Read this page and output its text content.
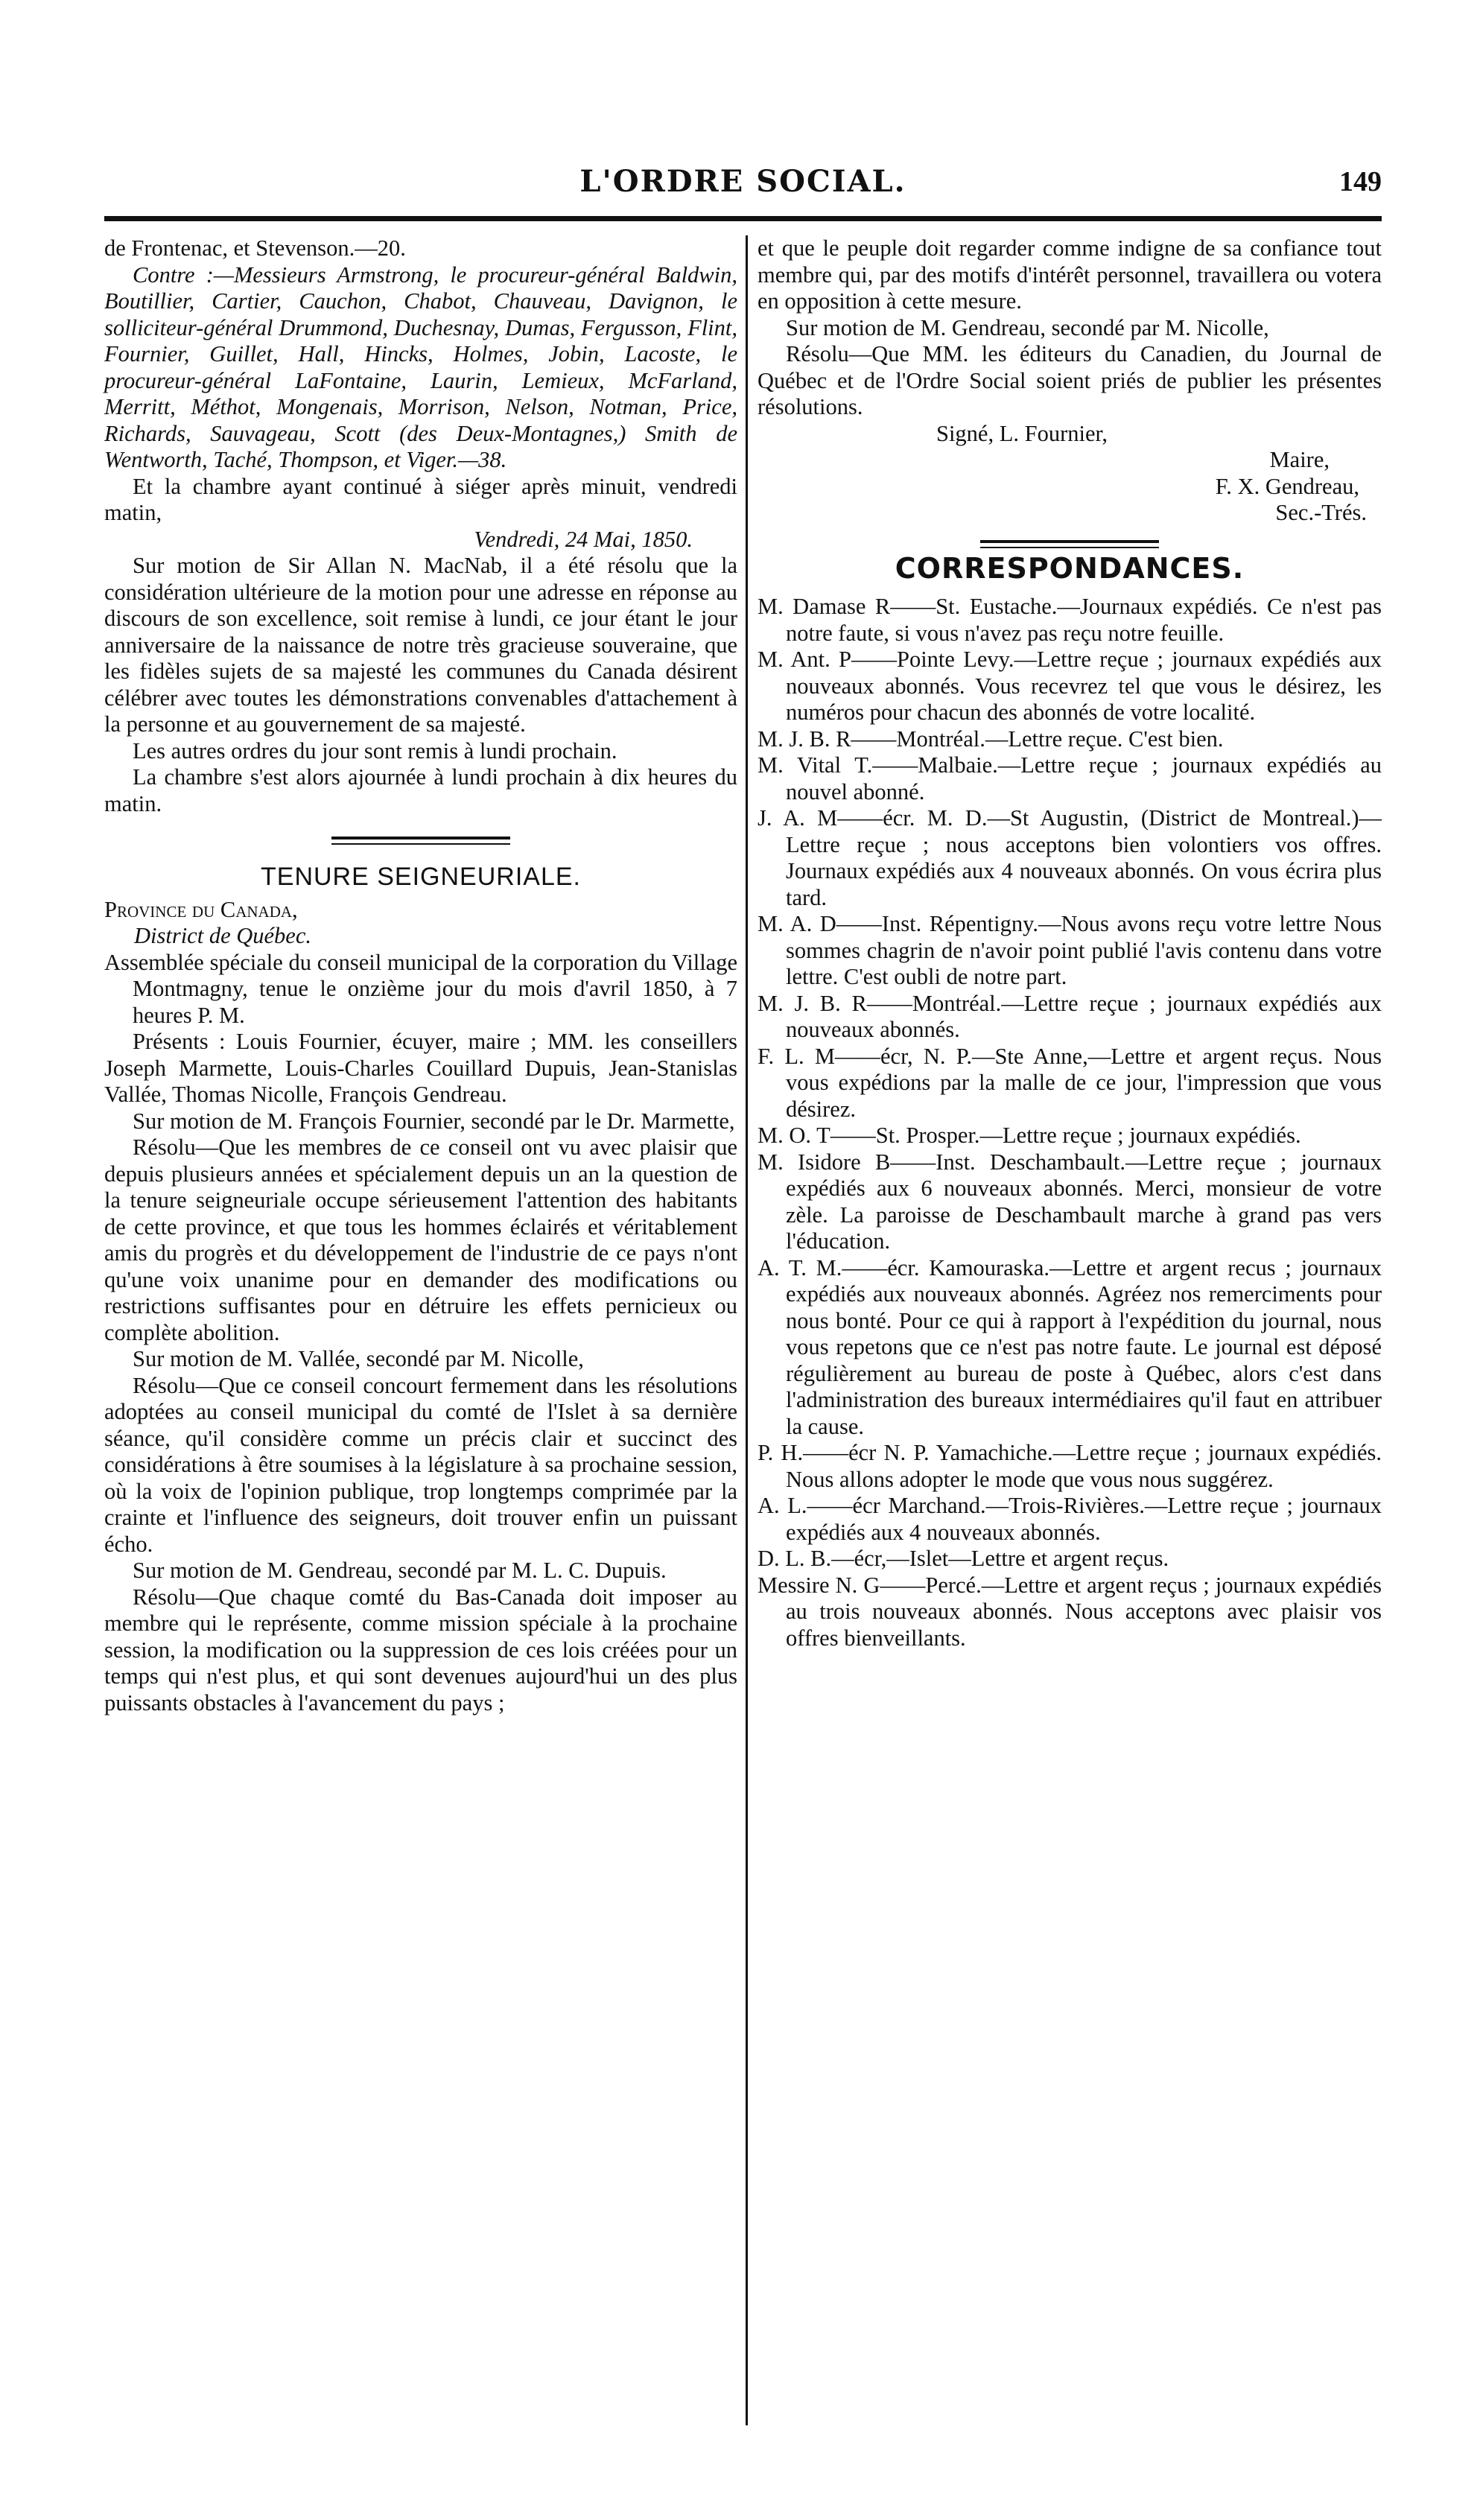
L'ORDRE SOCIAL.	149

de Frontenac, et Stevenson.—20.

Contre :—Messieurs Armstrong, le procureur-général Baldwin, Boutillier, Cartier, Cauchon, Chabot, Chauveau, Davignon, le solliciteur-général Drummond, Duchesnay, Dumas, Fergusson, Flint, Fournier, Guillet, Hall, Hincks, Holmes, Jobin, Lacoste, le procureur-général LaFontaine, Laurin, Lemieux, McFarland, Merritt, Méthot, Mongenais, Morrison, Nelson, Notman, Price, Richards, Sauvageau, Scott (des Deux-Montagnes,) Smith de Wentworth, Taché, Thompson, et Viger.—38.

Et la chambre ayant continué à siéger après minuit, vendredi matin,

Vendredi, 24 Mai, 1850.

Sur motion de Sir Allan N. MacNab, il a été résolu que la considération ultérieure de la motion pour une adresse en réponse au discours de son excellence, soit remise à lundi, ce jour étant le jour anniversaire de la naissance de notre très gracieuse souveraine, que les fidèles sujets de sa majesté les communes du Canada désirent célébrer avec toutes les démonstrations convenables d'attachement à la personne et au gouvernement de sa majesté.

Les autres ordres du jour sont remis à lundi prochain.

La chambre s'est alors ajournée à lundi prochain à dix heures du matin.

TENURE SEIGNEURIALE.

Province du Canada,

District de Québec.

Assemblée spéciale du conseil municipal de la corporation du Village Montmagny, tenue le onzième jour du mois d'avril 1850, à 7 heures P. M.

Présents : Louis Fournier, écuyer, maire ; MM. les conseillers Joseph Marmette, Louis-Charles Couillard Dupuis, Jean-Stanislas Vallée, Thomas Nicolle, François Gendreau.

Sur motion de M. François Fournier, secondé par le Dr. Marmette,

Résolu—Que les membres de ce conseil ont vu avec plaisir que depuis plusieurs années et spécialement depuis un an la question de la tenure seigneuriale occupe sérieusement l'attention des habitants de cette province, et que tous les hommes éclairés et véritablement amis du progrès et du développement de l'industrie de ce pays n'ont qu'une voix unanime pour en demander des modifications ou restrictions suffisantes pour en détruire les effets pernicieux ou complète abolition.

Sur motion de M. Vallée, secondé par M. Nicolle,

Résolu—Que ce conseil concourt fermement dans les résolutions adoptées au conseil municipal du comté de l'Islet à sa dernière séance, qu'il considère comme un précis clair et succinct des considérations à être soumises à la législature à sa prochaine session, où la voix de l'opinion publique, trop longtemps comprimée par la crainte et l'influence des seigneurs, doit trouver enfin un puissant écho.

Sur motion de M. Gendreau, secondé par M. L. C. Dupuis.

Résolu—Que chaque comté du Bas-Canada doit imposer au membre qui le représente, comme mission spéciale à la prochaine session, la modification ou la suppression de ces lois créées pour un temps qui n'est plus, et qui sont devenues aujourd'hui un des plus puissants obstacles à l'avancement du pays ;

et que le peuple doit regarder comme indigne de sa confiance tout membre qui, par des motifs d'intérêt personnel, travaillera ou votera en opposition à cette mesure.

Sur motion de M. Gendreau, secondé par M. Nicolle,

Résolu—Que MM. les éditeurs du Canadien, du Journal de Québec et de l'Ordre Social soient priés de publier les présentes résolutions.

Signé, L. Fournier,

Maire,

F. X. Gendreau,

Sec.-Trés.

CORRESPONDANCES.

M. Damase R——St. Eustache.—Journaux expédiés. Ce n'est pas notre faute, si vous n'avez pas reçu notre feuille.

M. Ant. P——Pointe Levy.—Lettre reçue ; journaux expédiés aux nouveaux abonnés. Vous recevrez tel que vous le désirez, les numéros pour chacun des abonnés de votre localité.

M. J. B. R——Montréal.—Lettre reçue. C'est bien.

M. Vital T.——Malbaie.—Lettre reçue ; journaux expédiés au nouvel abonné.

J. A. M——écr. M. D.—St Augustin, (District de Montreal.)—Lettre reçue ; nous acceptons bien volontiers vos offres. Journaux expédiés aux 4 nouveaux abonnés. On vous écrira plus tard.

M. A. D——Inst. Répentigny.—Nous avons reçu votre lettre Nous sommes chagrin de n'avoir point publié l'avis contenu dans votre lettre. C'est oubli de notre part.

M. J. B. R——Montréal.—Lettre reçue ; journaux expédiés aux nouveaux abonnés.

F. L. M——écr, N. P.—Ste Anne,—Lettre et argent reçus. Nous vous expédions par la malle de ce jour, l'impression que vous désirez.

M. O. T——St. Prosper.—Lettre reçue ; journaux expédiés.

M. Isidore B——Inst. Deschambault.—Lettre reçue ; journaux expédiés aux 6 nouveaux abonnés. Merci, monsieur de votre zèle. La paroisse de Deschambault marche à grand pas vers l'éducation.

A. T. M.——écr. Kamouraska.—Lettre et argent recus ; journaux expédiés aux nouveaux abonnés. Agréez nos remerciments pour nous bonté. Pour ce qui à rapport à l'expédition du journal, nous vous repetons que ce n'est pas notre faute. Le journal est déposé régulièrement au bureau de poste à Québec, alors c'est dans l'administration des bureaux intermédiaires qu'il faut en attribuer la cause.

P. H.——écr N. P. Yamachiche.—Lettre reçue ; journaux expédiés. Nous allons adopter le mode que vous nous suggérez.

A. L.——écr Marchand.—Trois-Rivières.—Lettre reçue ; journaux expédiés aux 4 nouveaux abonnés.

D. L. B.—écr,—Islet—Lettre et argent reçus.

Messire N. G——Percé.—Lettre et argent reçus ; journaux expédiés au trois nouveaux abonnés. Nous acceptons avec plaisir vos offres bienveillants.
